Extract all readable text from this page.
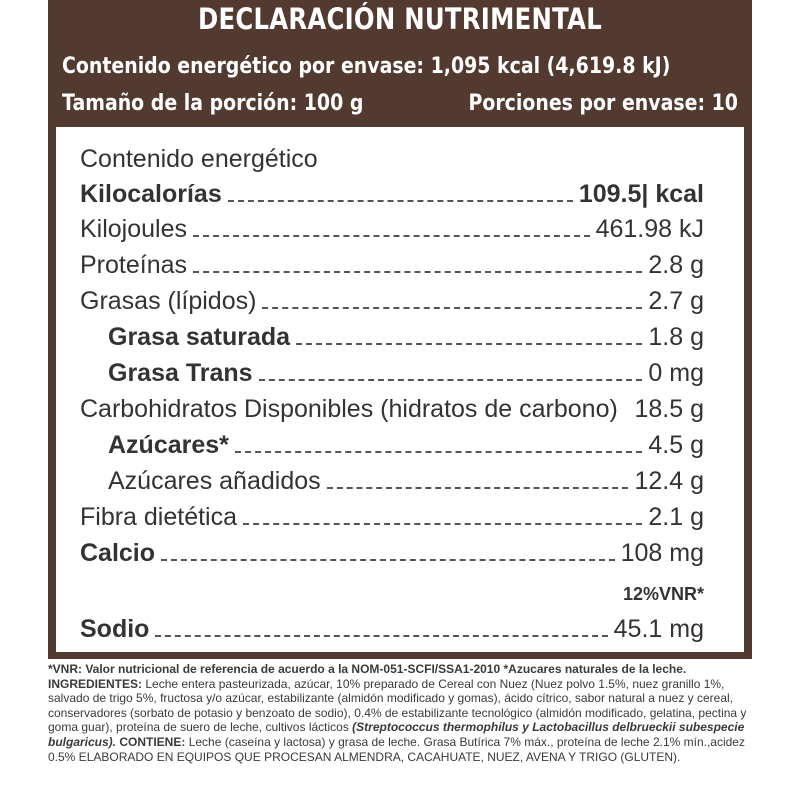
DECLARACIÓN NUTRIMENTAL
Contenido energético por envase: 1,095 kcal (4,619.8 kJ)
Tamaño de la porción: 100 g	Porciones por envase: 10
Contenido energético
Kilocalorías	109.5| kcal
Kilojoules	461.98 kJ
Proteínas	2.8 g
Grasas (lípidos)	2.7 g
Grasa saturada	1.8 g
Grasa Trans	0 mg
Carbohidratos Disponibles (hidratos de carbono) 18.5 g
Azúcares*	4.5 g
Azúcares añadidos	12.4 g
Fibra dietética	2.1 g
Calcio	108 mg
12%VNR*
Sodio	45.1 mg

*VNR: Valor nutricional de referencia de acuerdo a la NOM-051-SCFI/SSA1-2010 *Azucares naturales de la leche.

INGREDIENTES: Leche entera pasteurizada, azúcar, 10% preparado de Cereal con Nuez (Nuez polvo 1.5%, nuez granillo 1%, salvado de trigo 5%, fructosa y/o azúcar, estabilizante (almidón modificado y gomas), ácido cítrico, sabor natural a nuez y cereal, conservadores (sorbato de potasio y benzoato de sodio), 0.4% de estabilizante tecnológico (almidón modificado, gelatina, pectina y goma guar), proteína de suero de leche, cultivos lácticos (Streptococcus thermophilus y Lactobacillus delbrueckii subespecie bulgaricus). CONTIENE: Leche (caseína y lactosa) y grasa de leche. Grasa Butírica 7% máx., proteína de leche 2.1% mín.,acidez 0.5% ELABORADO EN EQUIPOS QUE PROCESAN ALMENDRA, CACAHUATE, NUEZ, AVENA Y TRIGO (GLUTEN).
